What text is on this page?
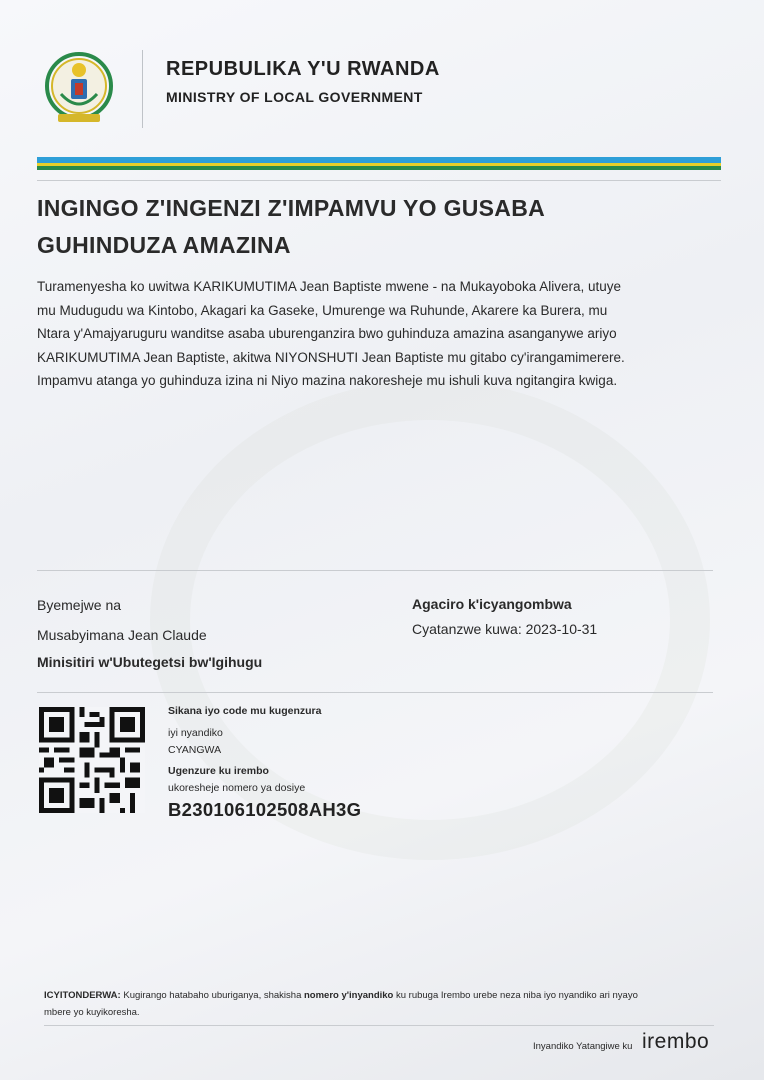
REPUBULIKA Y'U RWANDA
MINISTRY OF LOCAL GOVERNMENT
INGINGO Z'INGENZI Z'IMPAMVU YO GUSABA
GUHINDUZA AMAZINA
Turamenyesha ko uwitwa KARIKUMUTIMA Jean Baptiste mwene - na Mukayoboka Alivera, utuye
mu Mudugudu wa Kintobo, Akagari ka Gaseke, Umurenge wa Ruhunde, Akarere ka Burera, mu
Ntara y'Amajyaruguru wanditse asaba uburenganzira bwo guhinduza amazina asanganywe ariyo
KARIKUMUTIMA Jean Baptiste, akitwa NIYONSHUTI Jean Baptiste mu gitabo cy'irangamimerere.
Impamvu atanga yo guhinduza izina ni Niyo mazina nakoresheje mu ishuli kuva ngitangira kwiga.
Byemejwe na
Musabyimana Jean Claude
Minisitiri w'Ubutegetsi bw'Igihugu
Agaciro k'icyangombwa
Cyatanzwe kuwa: 2023-10-31
Sikana iyo code mu kugenzura
iyi nyandiko
CYANGWA
Ugenzure ku irembo
ukoresheje nomero ya dosiye
B230106102508AH3G
ICYITONDERWA: Kugirango hatabaho uburiganya, shakisha nomero y'inyandiko ku rubuga Irembo urebe neza niba iyo nyandiko ari nyayo
mbere yo kuyikoresha.
Inyandiko Yatangiwe ku irembo
